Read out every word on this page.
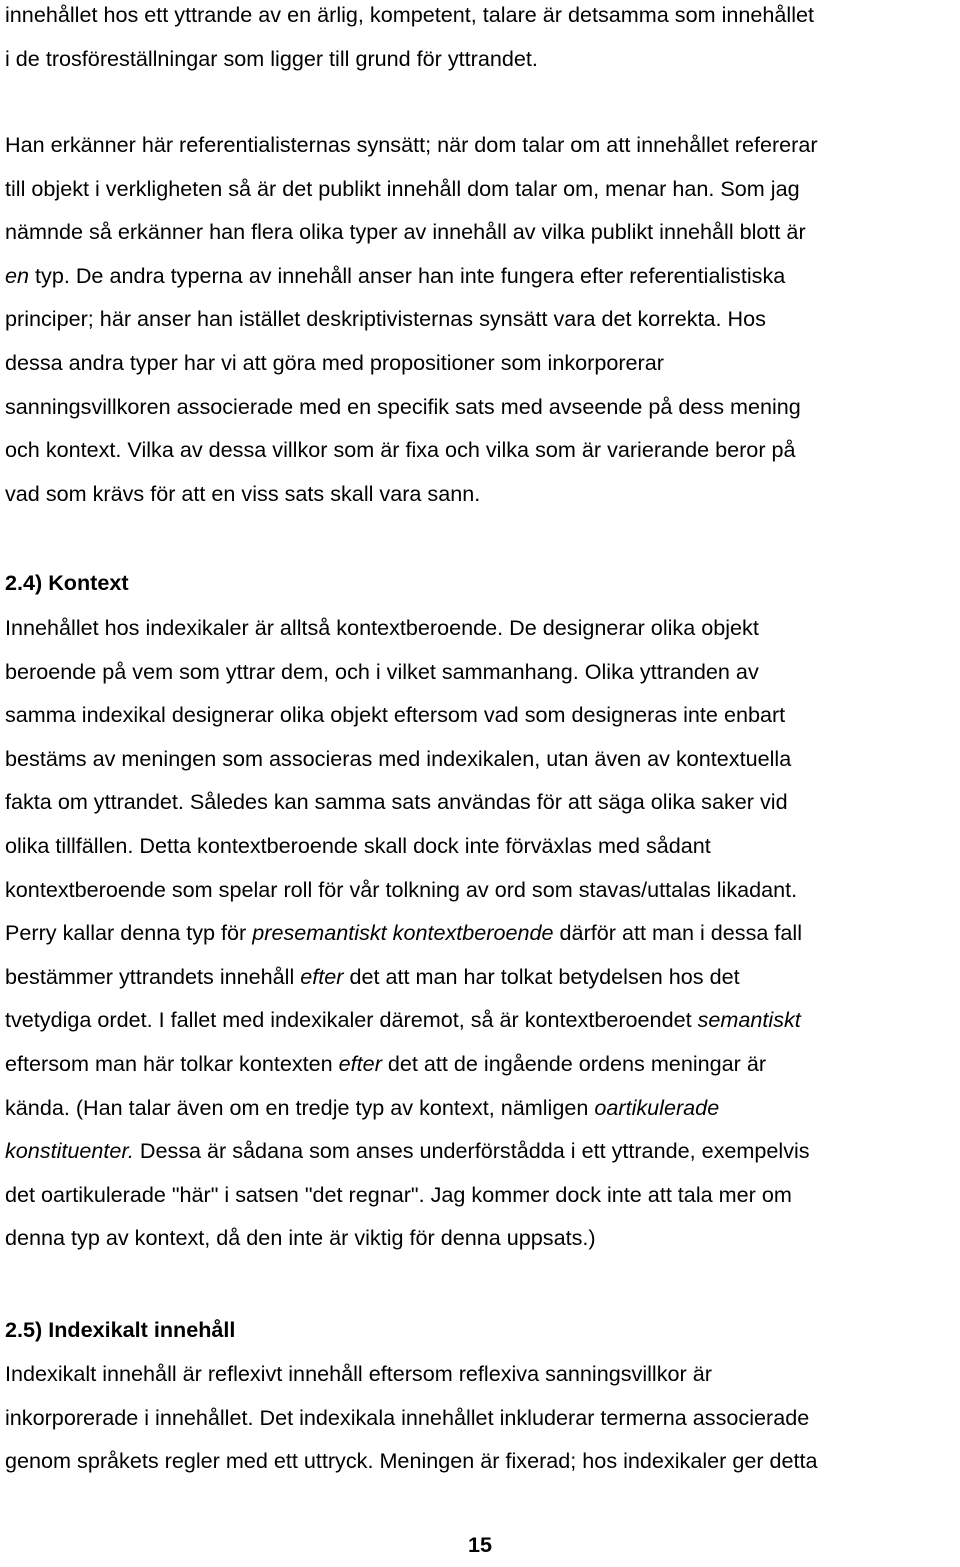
innehållet hos ett yttrande av en ärlig, kompetent, talare är detsamma som innehållet
i de trosföreställningar som ligger till grund för yttrandet.
Han erkänner här referentialisternas synsätt; när dom talar om att innehållet refererar
till objekt i verkligheten så är det publikt innehåll dom talar om, menar han. Som jag
nämnde så erkänner han flera olika typer av innehåll av vilka publikt innehåll blott är
en typ. De andra typerna av innehåll anser han inte fungera efter referentialistiska
principer; här anser han istället deskriptivisternas synsätt vara det korrekta. Hos
dessa andra typer har vi att göra med propositioner som inkorporerar
sanningsvillkoren associerade med en specifik sats med avseende på dess mening
och kontext. Vilka av dessa villkor som är fixa och vilka som är varierande beror på
vad som krävs för att en viss sats skall vara sann.
2.4) Kontext
Innehållet hos indexikaler är alltså kontextberoende. De designerar olika objekt
beroende på vem som yttrar dem, och i vilket sammanhang. Olika yttranden av
samma indexikal designerar olika objekt eftersom vad som designeras inte enbart
bestäms av meningen som associeras med indexikalen, utan även av kontextuella
fakta om yttrandet. Således kan samma sats användas för att säga olika saker vid
olika tillfällen. Detta kontextberoende skall dock inte förväxlas med sådant
kontextberoende som spelar roll för vår tolkning av ord som stavas/uttalas likadant.
Perry kallar denna typ för presemantiskt kontextberoende därför att man i dessa fall
bestämmer yttrandets innehåll efter det att man har tolkat betydelsen hos det
tvetydiga ordet. I fallet med indexikaler däremot, så är kontextberoendet semantiskt
eftersom man här tolkar kontexten efter det att de ingående ordens meningar är
kända. (Han talar även om en tredje typ av kontext, nämligen oartikulerade
konstituenter. Dessa är sådana som anses underförstådda i ett yttrande, exempelvis
det oartikulerade "här" i satsen "det regnar". Jag kommer dock inte att tala mer om
denna typ av kontext, då den inte är viktig för denna uppsats.)
2.5) Indexikalt innehåll
Indexikalt innehåll är reflexivt innehåll eftersom reflexiva sanningsvillkor är
inkorporerade i innehållet. Det indexikala innehållet inkluderar termerna associerade
genom språkets regler med ett uttryck. Meningen är fixerad; hos indexikaler ger detta
15
